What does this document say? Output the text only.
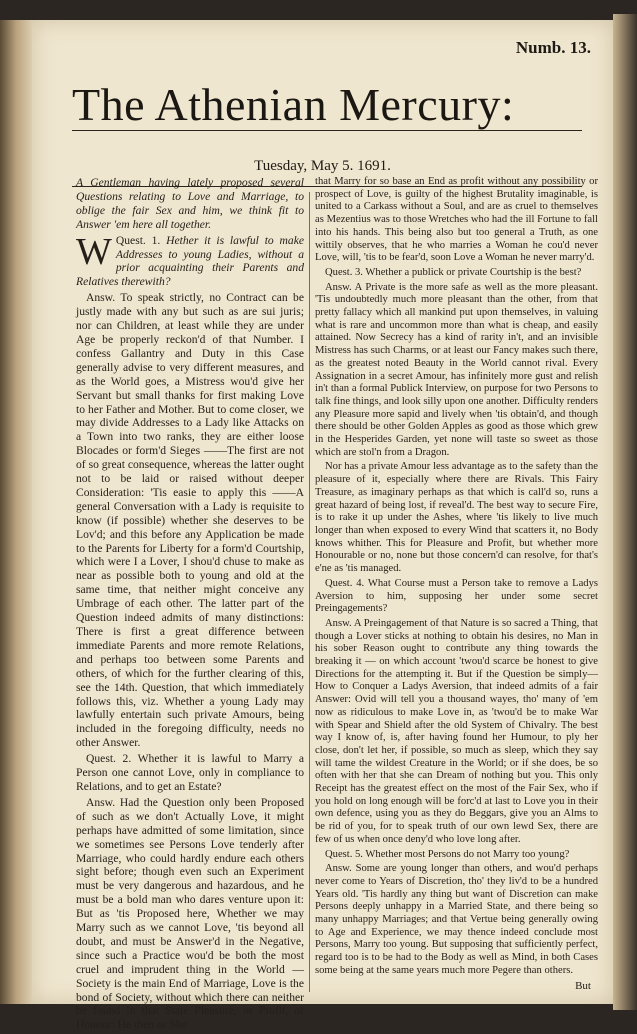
Numb. 13.
The Athenian Mercury:
Tuesday, May 5. 1691.

A Gentleman having lately proposed several Questions relating to Love and Marriage, to oblige the fair Sex and him, we think fit to Answer 'em here all together.

Quest. 1.
W	Hether it is lawful to make Addresses to young Ladies, without a prior acquainting their Parents and Relatives therewith?

Answ. To speak strictly, no Contract can be justly made with any but such as are sui juris; nor can Children, at least while they are under Age be properly reckon'd of that Number. I confess Gallantry and Duty in this Case generally advise to very different measures, and as the World goes, a Mistress wou'd give her Servant but small thanks for first making Love to her Father and Mother. But to come closer, we may divide Addresses to a Lady like Attacks on a Town into two ranks, they are either loose Blocades or form'd Sieges ——The first are not of so great consequence, whereas the latter ought not to be laid or raised without deeper Consideration: 'Tis easie to apply this ——A general Conversation with a Lady is requisite to know (if possible) whether she deserves to be Lov'd; and this before any Application be made to the Parents for Liberty for a form'd Courtship, which were I a Lover, I shou'd chuse to make as near as possible both to young and old at the same time, that neither might conceive any Umbrage of each other. The latter part of the Question indeed admits of many distinctions: There is first a great difference between immediate Parents and more remote Relations, and perhaps too between some Parents and others, of which for the further clearing of this, see the 14th. Question, that which immediately follows this, viz. Whether a young Lady may lawfully entertain such private Amours, being included in the foregoing difficulty, needs no other Answer.

Quest. 2. Whether it is lawful to Marry a Person one cannot Love, only in compliance to Relations, and to get an Estate?

Answ. Had the Question only been Proposed of such as we don't Actually Love, it might perhaps have admitted of some limitation, since we sometimes see Persons Love tenderly after Marriage, who could hardly endure each others sight before; though even such an Experiment must be very dangerous and hazardous, and he must be a bold man who dares venture upon it: But as 'tis Proposed here, Whether we may Marry such as we cannot Love, 'tis beyond all doubt, and must be Answer'd in the Negative, since such a Practice wou'd be both the most cruel and imprudent thing in the World — Society is the main End of Marriage, Love is the bond of Society, without which there can neither be found in that State Pleasure, or Profit, or Honour: He then or She

that Marry for so base an End as profit without any possibility or prospect of Love, is guilty of the highest Brutality imaginable, is united to a Carkass without a Soul, and are as cruel to themselves as Mezentius was to those Wretches who had the ill Fortune to fall into his hands. This being also but too general a Truth, as one wittily observes, that he who marries a Woman he cou'd never Love, will, 'tis to be fear'd, soon Love a Woman he never marry'd.

Quest. 3. Whether a publick or private Courtship is the best?

Answ. A Private is the more safe as well as the more pleasant. 'Tis undoubtedly much more pleasant than the other, from that pretty fallacy which all mankind put upon themselves, in valuing what is rare and uncommon more than what is cheap, and easily attained. Now Secrecy has a kind of rarity in't, and an invisible Mistress has such Charms, or at least our Fancy makes such there, as the greatest noted Beauty in the World cannot rival. Every Assignation in a secret Amour, has infinitely more gust and relish in't than a formal Publick Interview, on purpose for two Persons to talk fine things, and look silly upon one another. Difficulty renders any Pleasure more sapid and lively when 'tis obtain'd, and though there should be other Golden Apples as good as those which grew in the Hesperides Garden, yet none will taste so sweet as those which are stol'n from a Dragon.

Nor has a private Amour less advantage as to the safety than the pleasure of it, especially where there are Rivals. This Fairy Treasure, as imaginary perhaps as that which is call'd so, runs a great hazard of being lost, if reveal'd. The best way to secure Fire, is to rake it up under the Ashes, where 'tis likely to live much longer than when exposed to every Wind that scatters it, no Body knows whither. This for Pleasure and Profit, but whether more Honourable or no, none but those concern'd can resolve, for that's e'ne as 'tis managed.

Quest. 4. What Course must a Person take to remove a Ladys Aversion to him, supposing her under some secret Preingagements?

Answ. A Preingagement of that Nature is so sacred a Thing, that though a Lover sticks at nothing to obtain his desires, no Man in his sober Reason ought to contribute any thing towards the breaking it — on which account 'twou'd scarce be honest to give Directions for the attempting it. But if the Question be simply—How to Conquer a Ladys Aversion, that indeed admits of a fair Answer: Ovid will tell you a thousand wayes, tho' many of 'em now as ridiculous to make Love in, as 'twou'd be to make War with Spear and Shield after the old System of Chivalry. The best way I know of, is, after having found her Humour, to ply her close, don't let her, if possible, so much as sleep, which they say will tame the wildest Creature in the World; or if she does, be so often with her that she can Dream of nothing but you. This only Receipt has the greatest effect on the most of the Fair Sex, who if you hold on long enough will be forc'd at last to Love you in their own defence, using you as they do Beggars, give you an Alms to be rid of you, for to speak truth of our own lewd Sex, there are few of us when once deny'd who love long after.

Quest. 5. Whether most Persons do not Marry too young?

Answ. Some are young longer than others, and wou'd perhaps never come to Years of Discretion, tho' they liv'd to be a hundred Years old. 'Tis hardly any thing but want of Discretion can make Persons deeply unhappy in a Married State, and there being so many unhappy Marriages; and that Vertue being generally owing to Age and Experience, we may thence indeed conclude most Persons, Marry too young. But supposing that sufficiently perfect, regard too is to be had to the Body as well as Mind, in both Cases some being at the same years much more Pegere than others.

But
